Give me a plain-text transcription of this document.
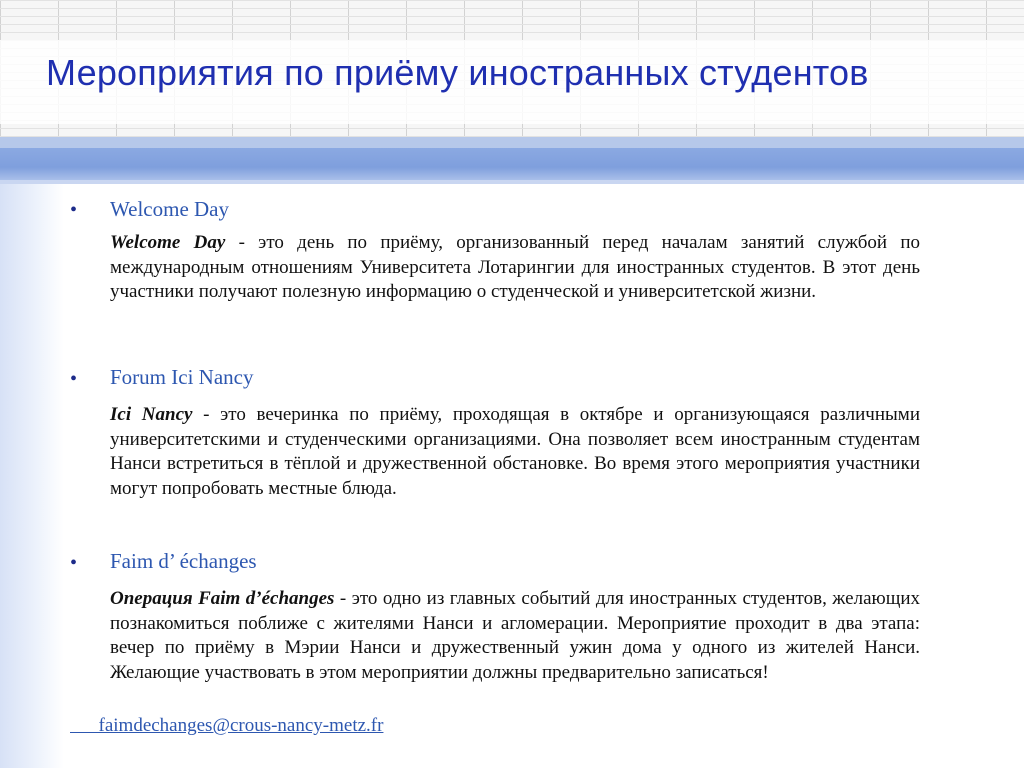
Мероприятия по приёму иностранных студентов
• Welcome Day

Welcome Day - это день по приёму, организованный перед началам занятий службой по международным отношениям Университета Лотарингии для иностранных студентов. В этот день участники получают полезную информацию о студенческой и университетской жизни.

• Forum Ici Nancy

Ici Nancy - это вечеринка по приёму, проходящая в октябре и организующаяся различными университетскими и студенческими организациями. Она позволяет всем иностранным студентам Нанси встретиться в тёплой и дружественной обстановке. Во время этого мероприятия участники могут попробовать местные блюда.

• Faim d’ échanges

Операция Faim d’échanges - это одно из главных событий для иностранных студентов, желающих познакомиться поближе с жителями Нанси и агломерации. Мероприятие проходит в два этапа: вечер по приёму в Мэрии Нанси и дружественный ужин дома у одного из жителей Нанси. Желающие участвовать в этом мероприятии должны предварительно записаться!

faimdechanges@crous-nancy-metz.fr
